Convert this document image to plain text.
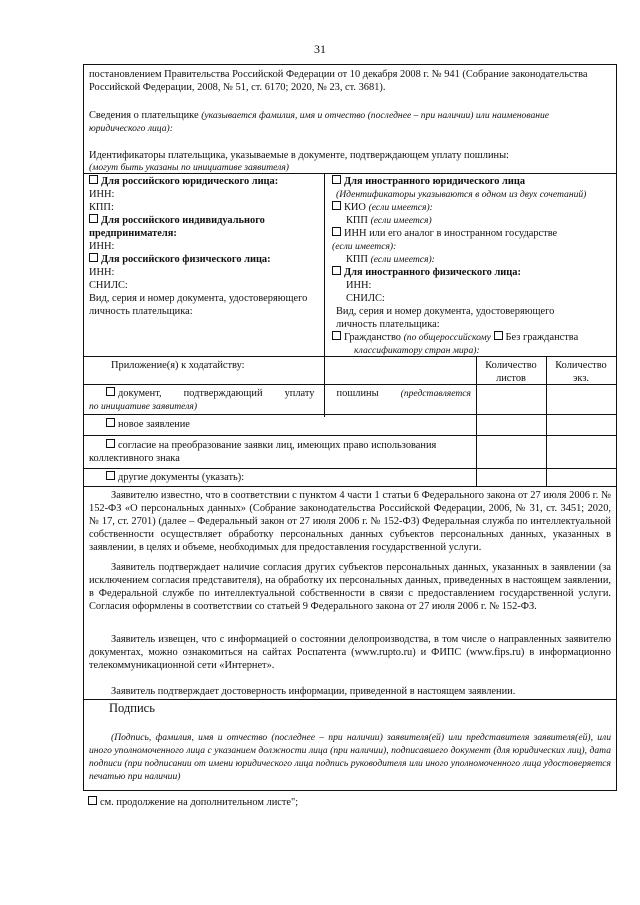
31
постановлением Правительства Российской Федерации от 10 декабря 2008 г. № 941 (Собрание законодательства
Российской Федерации, 2008, № 51, ст. 6170; 2020, № 23, ст. 3681).
Сведения о плательщике (указывается фамилия, имя и отчество (последнее – при наличии) или наименование
юридического лица):
Идентификаторы плательщика, указываемые в документе, подтверждающем уплату пошлины:
(могут быть указаны по инициативе заявителя)
Для российского юридического лица:
ИНН:
КПП:
Для российского индивидуального
предпринимателя:
ИНН:
Для российского физического лица:
ИНН:
СНИЛС:
Вид, серия и номер документа, удостоверяющего
личность плательщика:
Для иностранного юридического лица
(Идентификаторы указываются в одном из двух сочетаний)
КИО (если имеется):
КПП (если имеется)
ИНН или его аналог в иностранном государстве
(если имеется):
КПП (если имеется):
Для иностранного физического лица:
ИНН:
СНИЛС:
Вид, серия и номер документа, удостоверяющего
личность плательщика:
Гражданство (по общероссийскому Без гражданства
классификатору стран мира):
Приложение(я) к ходатайству:	Количество
листов
Количество
экз.
документ, подтверждающий уплату пошлины (представляется
по инициативе заявителя)
новое заявление
согласие на преобразование заявки лиц, имеющих право использования
коллективного знака
другие документы (указать):
Заявителю известно, что в соответствии с пунктом 4 части 1 статьи 6 Федерального закона от 27 июля 2006 г. № 152-ФЗ «О персональных данных» (Собрание законодательства Российской Федерации, 2006, № 31, ст. 3451; 2020, № 17, ст. 2701) (далее – Федеральный закон от 27 июля 2006 г. № 152-ФЗ) Федеральная служба по интеллектуальной собственности осуществляет обработку персональных данных субъектов персональных данных, указанных в заявлении, в целях и объеме, необходимых для предоставления государственной услуги.
Заявитель подтверждает наличие согласия других субъектов персональных данных, указанных в заявлении (за исключением согласия представителя), на обработку их персональных данных, приведенных в настоящем заявлении, в Федеральной службе по интеллектуальной собственности в связи с предоставлением государственной услуги. Согласия оформлены в соответствии со статьей 9 Федерального закона от 27 июля 2006 г. № 152-ФЗ.
Заявитель извещен, что с информацией о состоянии делопроизводства, в том числе о направленных заявителю документах, можно ознакомиться на сайтах Роспатента (www.rupto.ru) и ФИПС (www.fips.ru) в информационно телекоммуникационной сети «Интернет».
Заявитель подтверждает достоверность информации, приведенной в настоящем заявлении.
Подпись
(Подпись, фамилия, имя и отчество (последнее – при наличии) заявителя(ей) или представителя заявителя(ей), или иного уполномоченного лица с указанием должности лица (при наличии), подписавшего документ (для юридических лиц), дата подписи (при подписании от имени юридического лица подпись руководителя или иного уполномоченного лица удостоверяется печатью при наличии)
см. продолжение на дополнительном листе";
